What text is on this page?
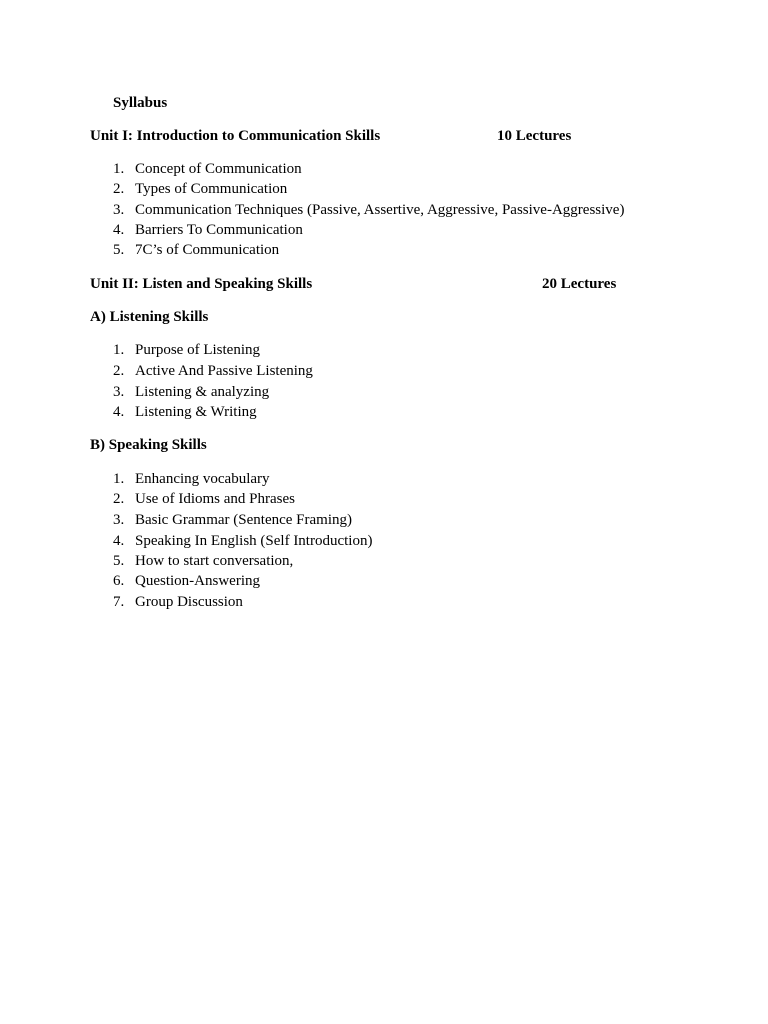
Syllabus
Unit I: Introduction to Communication Skills	10 Lectures
1. Concept of Communication
2. Types of Communication
3. Communication Techniques (Passive, Assertive, Aggressive, Passive-Aggressive)
4. Barriers To Communication
5. 7C’s of Communication
Unit II: Listen and Speaking Skills	20 Lectures
A) Listening Skills
1. Purpose of Listening
2. Active And Passive Listening
3. Listening & analyzing
4. Listening & Writing
B) Speaking Skills
1. Enhancing vocabulary
2. Use of Idioms and Phrases
3. Basic Grammar (Sentence Framing)
4. Speaking In English (Self Introduction)
5. How to start conversation,
6. Question-Answering
7. Group Discussion
